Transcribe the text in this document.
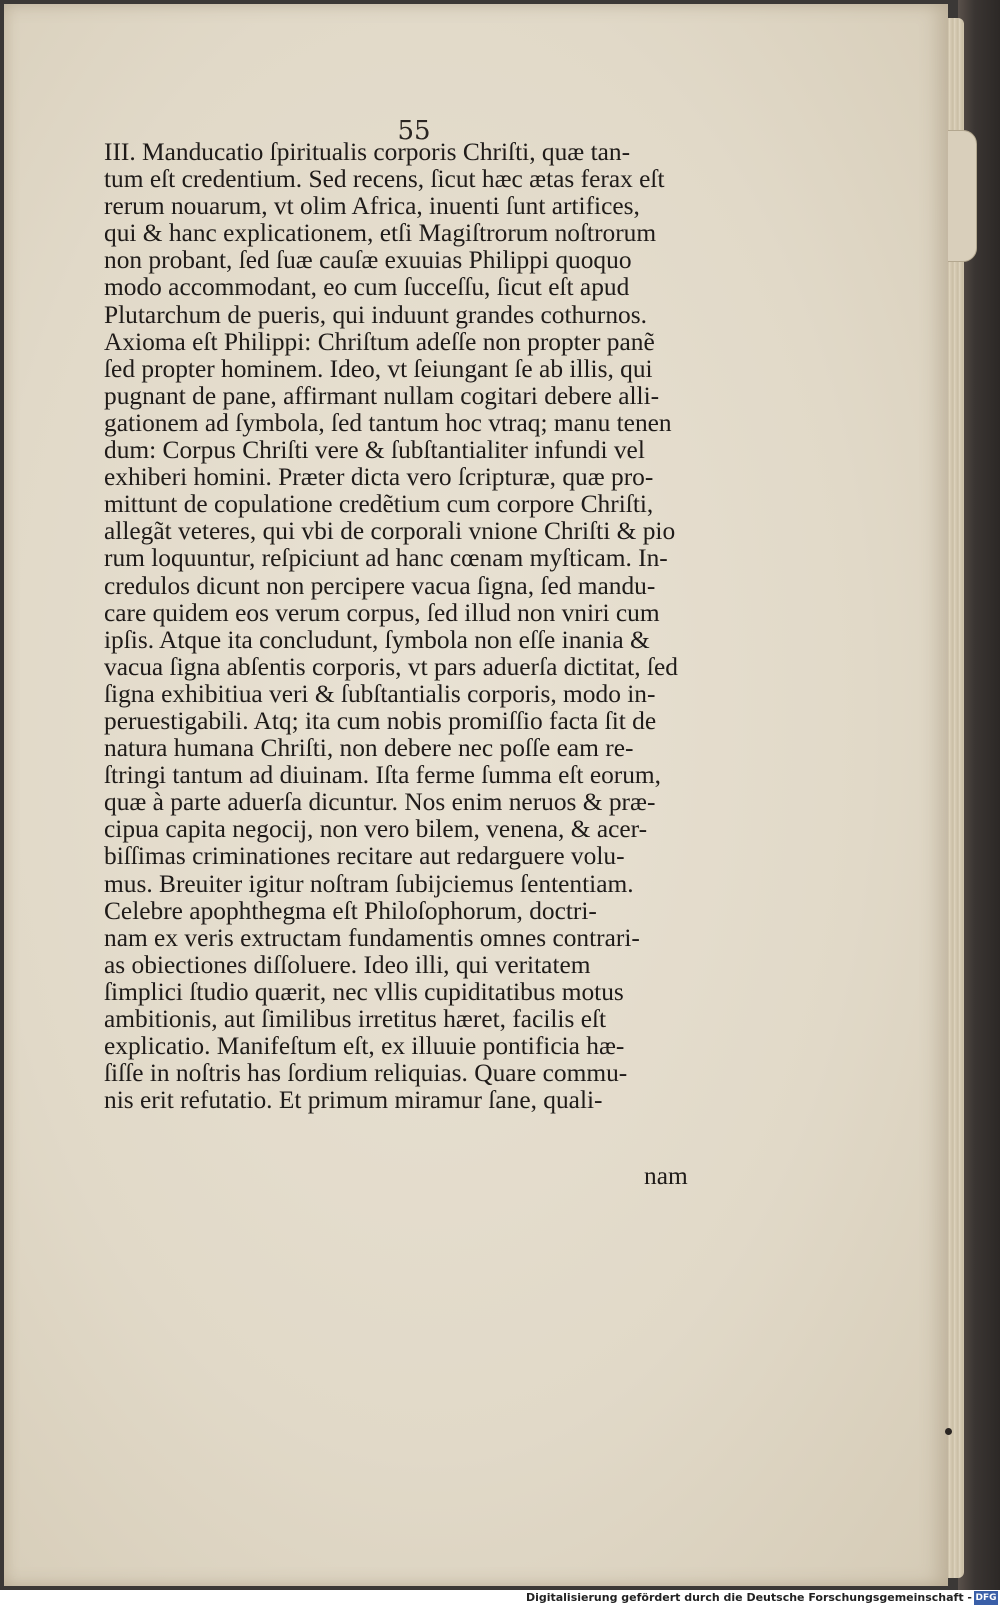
55
III. Manducatio ſpiritualis corporis Chriſti, quæ tan-
tum eſt credentium. Sed recens, ſicut hæc ætas ferax eſt
rerum nouarum, vt olim Africa, inuenti ſunt artifices,
qui & hanc explicationem, etſi Magiſtrorum noſtrorum
non probant, ſed ſuæ cauſæ exuuias Philippi quoquo
modo accommodant, eo cum ſucceſſu, ſicut eſt apud
Plutarchum de pueris, qui induunt grandes cothurnos.
Axioma eſt Philippi: Chriſtum adeſſe non propter panẽ
ſed propter hominem. Ideo, vt ſeiungant ſe ab illis, qui
pugnant de pane, affirmant nullam cogitari debere alli-
gationem ad ſymbola, ſed tantum hoc vtraq; manu tenen
dum: Corpus Chriſti vere & ſubſtantialiter infundi vel
exhiberi homini. Præter dicta vero ſcripturæ, quæ pro-
mittunt de copulatione credẽtium cum corpore Chriſti,
allegãt veteres, qui vbi de corporali vnione Chriſti & pio
rum loquuntur, reſpiciunt ad hanc cœnam myſticam. In-
credulos dicunt non percipere vacua ſigna, ſed mandu-
care quidem eos verum corpus, ſed illud non vniri cum
ipſis. Atque ita concludunt, ſymbola non eſſe inania &
vacua ſigna abſentis corporis, vt pars aduerſa dictitat, ſed
ſigna exhibitiua veri & ſubſtantialis corporis, modo in-
peruestigabili. Atq; ita cum nobis promiſſio facta ſit de
natura humana Chriſti, non debere nec poſſe eam re-
ſtringi tantum ad diuinam. Iſta ferme ſumma eſt eorum,
quæ à parte aduerſa dicuntur. Nos enim neruos & præ-
cipua capita negocij, non vero bilem, venena, & acer-
biſſimas criminationes recitare aut redarguere volu-
mus. Breuiter igitur noſtram ſubijciemus ſententiam.
Celebre apophthegma eſt Philoſophorum, doctri-
nam ex veris extructam fundamentis omnes contrari-
as obiectiones diſſoluere. Ideo illi, qui veritatem
ſimplici ſtudio quærit, nec vllis cupiditatibus motus
ambitionis, aut ſimilibus irretitus hæret, facilis eſt
explicatio. Manifeſtum eſt, ex illuuie pontificia hæ-
ſiſſe in noſtris has ſordium reliquias. Quare commu-
nis erit refutatio. Et primum miramur ſane, quali-
nam
Digitalisierung gefördert durch die Deutsche Forschungsgemeinschaft - DFG
